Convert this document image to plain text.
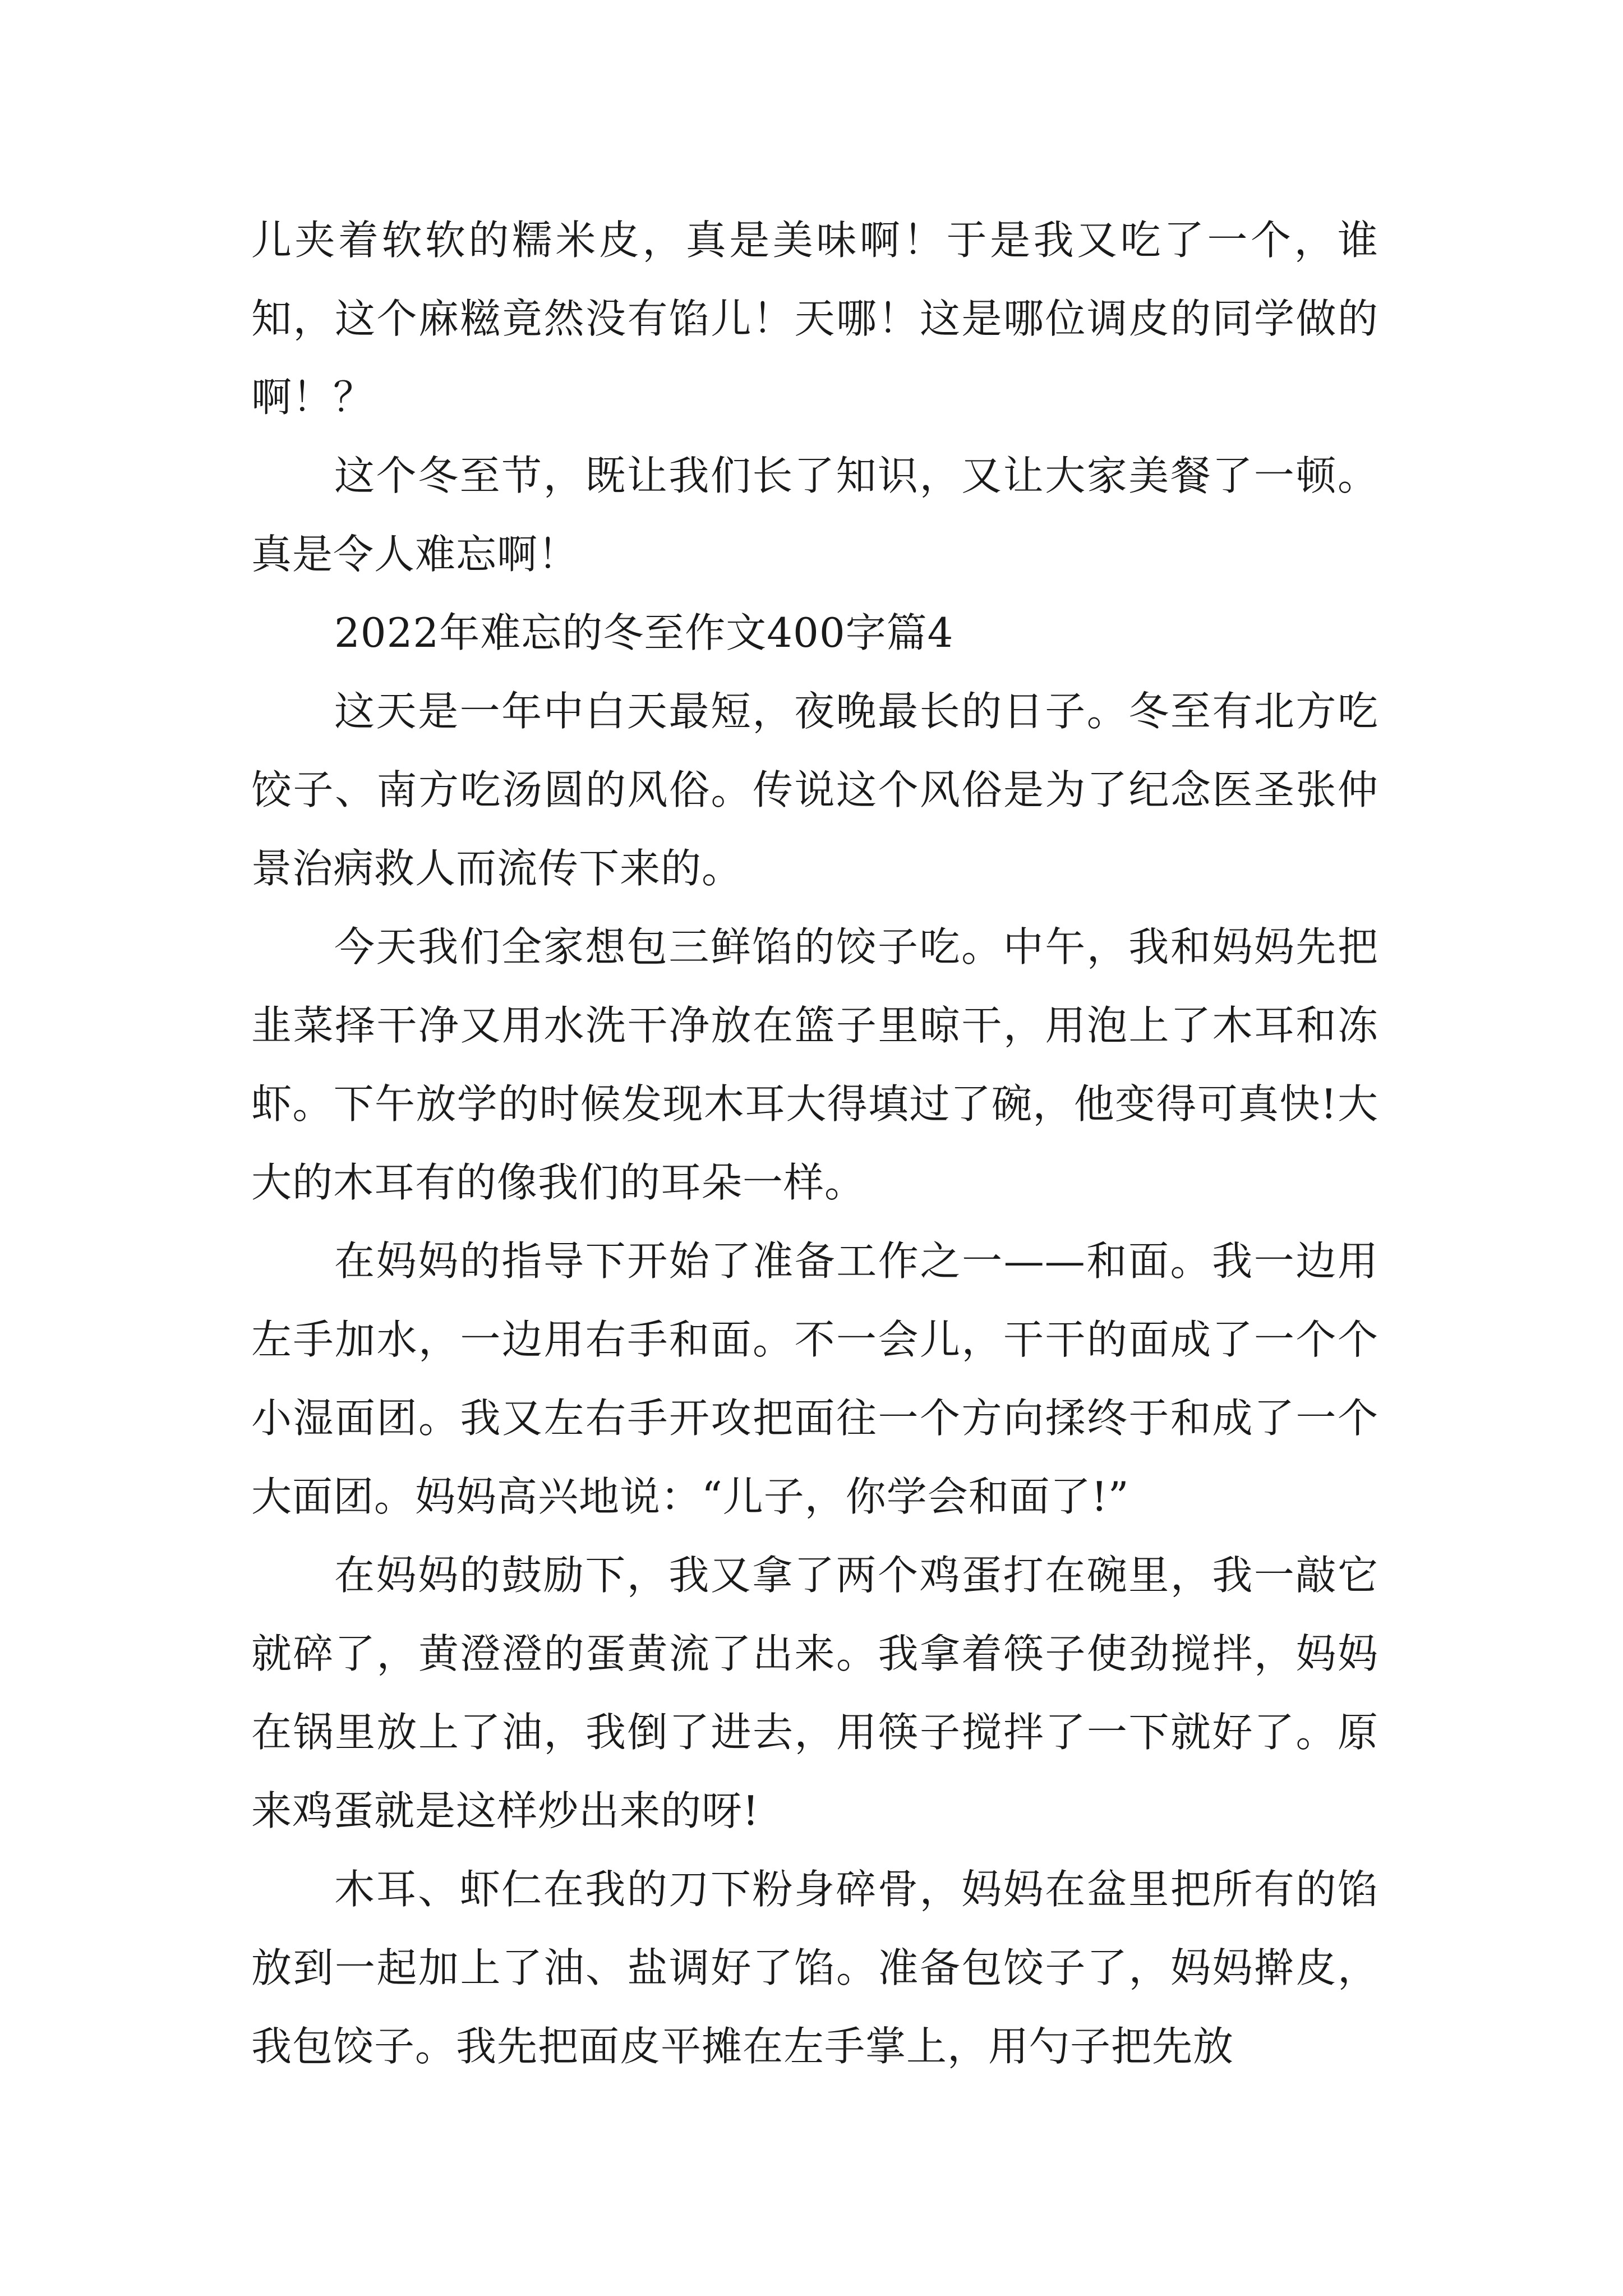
儿夹着软软的糯米皮，真是美味啊！于是我又吃了一个，谁知，这个麻糍竟然没有馅儿！天哪！这是哪位调皮的同学做的啊！？

这个冬至节，既让我们长了知识，又让大家美餐了一顿。真是令人难忘啊！

2022年难忘的冬至作文400字篇4

这天是一年中白天最短，夜晚最长的日子。冬至有北方吃饺子、南方吃汤圆的风俗。传说这个风俗是为了纪念医圣张仲景治病救人而流传下来的。

今天我们全家想包三鲜馅的饺子吃。中午，我和妈妈先把韭菜择干净又用水洗干净放在篮子里晾干，用泡上了木耳和冻虾。下午放学的时候发现木耳大得填过了碗，他变得可真快!大大的木耳有的像我们的耳朵一样。

在妈妈的指导下开始了准备工作之一——和面。我一边用左手加水，一边用右手和面。不一会儿，干干的面成了一个个小湿面团。我又左右手开攻把面往一个方向揉终于和成了一个大面团。妈妈高兴地说：“儿子，你学会和面了!”

在妈妈的鼓励下，我又拿了两个鸡蛋打在碗里，我一敲它就碎了，黄澄澄的蛋黄流了出来。我拿着筷子使劲搅拌，妈妈在锅里放上了油，我倒了进去，用筷子搅拌了一下就好了。原来鸡蛋就是这样炒出来的呀!

木耳、虾仁在我的刀下粉身碎骨，妈妈在盆里把所有的馅放到一起加上了油、盐调好了馅。准备包饺子了，妈妈擀皮，我包饺子。我先把面皮平摊在左手掌上，用勺子把先放
